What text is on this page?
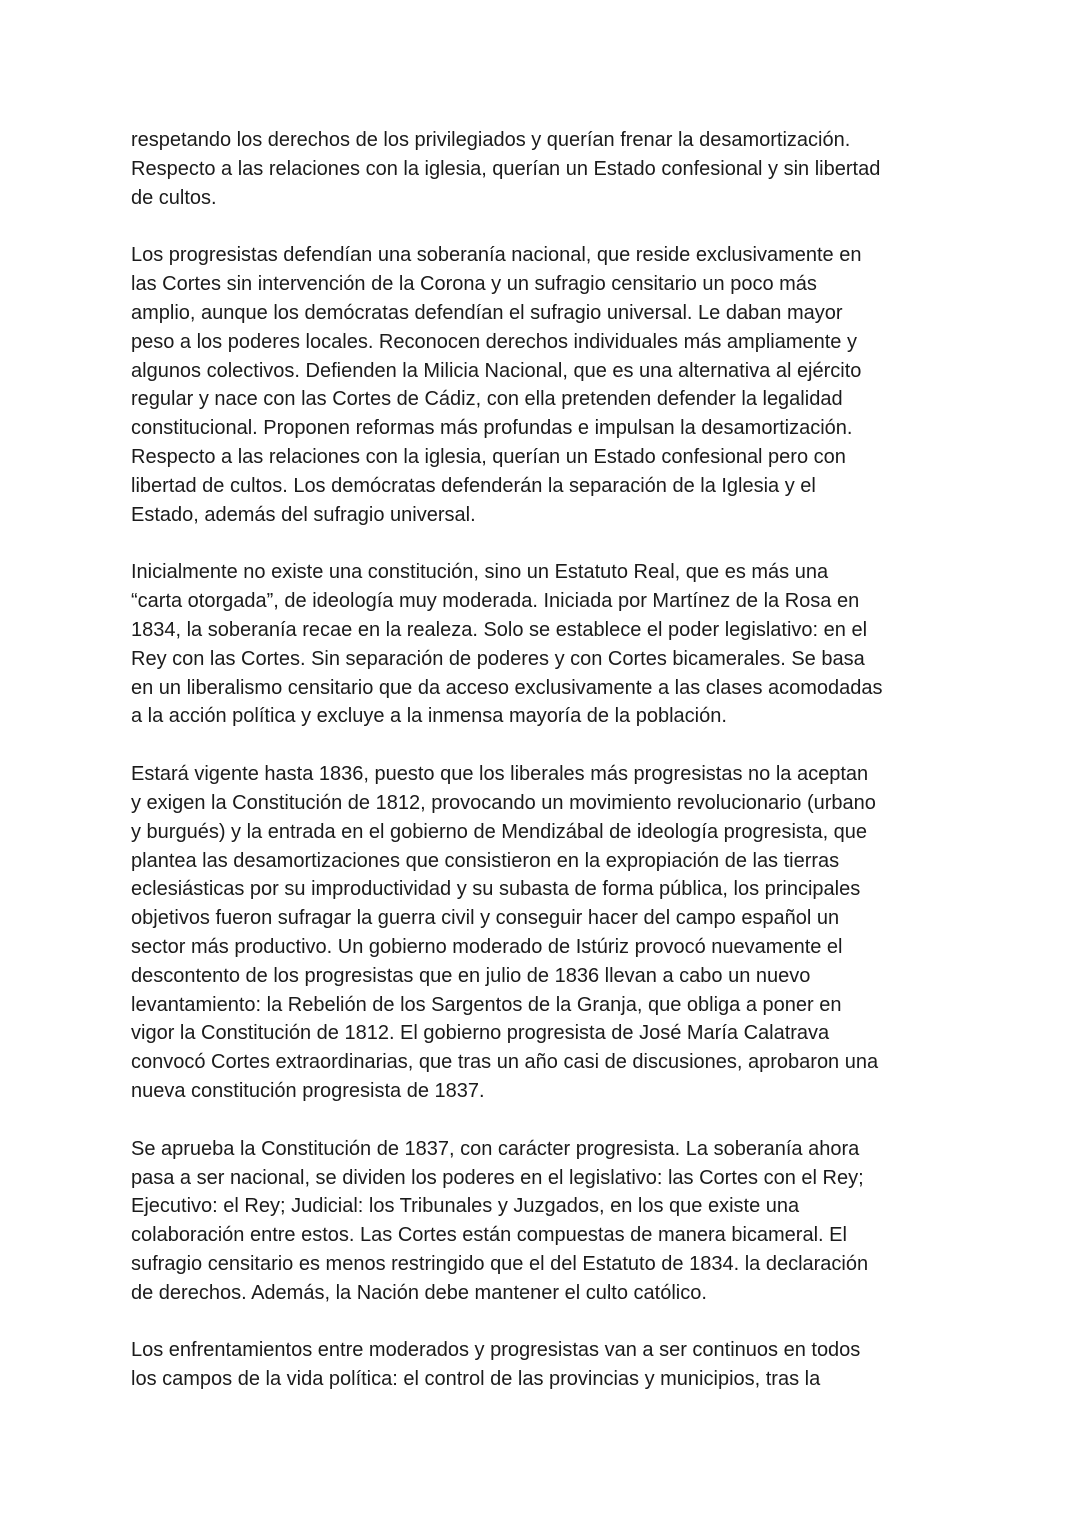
respetando los derechos de los privilegiados y querían frenar la desamortización.
Respecto a las relaciones con la iglesia, querían un Estado confesional y sin libertad
de cultos.

Los progresistas defendían una soberanía nacional, que reside exclusivamente en
las Cortes sin intervención de la Corona y un sufragio censitario un poco más
amplio, aunque los demócratas defendían el sufragio universal. Le daban mayor
peso a los poderes locales. Reconocen derechos individuales más ampliamente y
algunos colectivos. Defienden la Milicia Nacional, que es una alternativa al ejército
regular y nace con las Cortes de Cádiz, con ella pretenden defender la legalidad
constitucional. Proponen reformas más profundas e impulsan la desamortización.
Respecto a las relaciones con la iglesia, querían un Estado confesional pero con
libertad de cultos. Los demócratas defenderán la separación de la Iglesia y el
Estado, además del sufragio universal.

Inicialmente no existe una constitución, sino un Estatuto Real, que es más una
“carta otorgada”, de ideología muy moderada. Iniciada por Martínez de la Rosa en
1834, la soberanía recae en la realeza. Solo se establece el poder legislativo: en el
Rey con las Cortes. Sin separación de poderes y con Cortes bicamerales. Se basa
en un liberalismo censitario que da acceso exclusivamente a las clases acomodadas
a la acción política y excluye a la inmensa mayoría de la población.

Estará vigente hasta 1836, puesto que los liberales más progresistas no la aceptan
y exigen la Constitución de 1812, provocando un movimiento revolucionario (urbano
y burgués) y la entrada en el gobierno de Mendizábal de ideología progresista, que
plantea las desamortizaciones que consistieron en la expropiación de las tierras
eclesiásticas por su improductividad y su subasta de forma pública, los principales
objetivos fueron sufragar la guerra civil y conseguir hacer del campo español un
sector más productivo. Un gobierno moderado de Istúriz provocó nuevamente el
descontento de los progresistas que en julio de 1836 llevan a cabo un nuevo
levantamiento: la Rebelión de los Sargentos de la Granja, que obliga a poner en
vigor la Constitución de 1812. El gobierno progresista de José María Calatrava
convocó Cortes extraordinarias, que tras un año casi de discusiones, aprobaron una
nueva constitución progresista de 1837.

Se aprueba la Constitución de 1837, con carácter progresista. La soberanía ahora
pasa a ser nacional, se dividen los poderes en el legislativo: las Cortes con el Rey;
Ejecutivo: el Rey; Judicial: los Tribunales y Juzgados, en los que existe una
colaboración entre estos. Las Cortes están compuestas de manera bicameral. El
sufragio censitario es menos restringido que el del Estatuto de 1834. la declaración
de derechos. Además, la Nación debe mantener el culto católico.

Los enfrentamientos entre moderados y progresistas van a ser continuos en todos
los campos de la vida política: el control de las provincias y municipios, tras la
